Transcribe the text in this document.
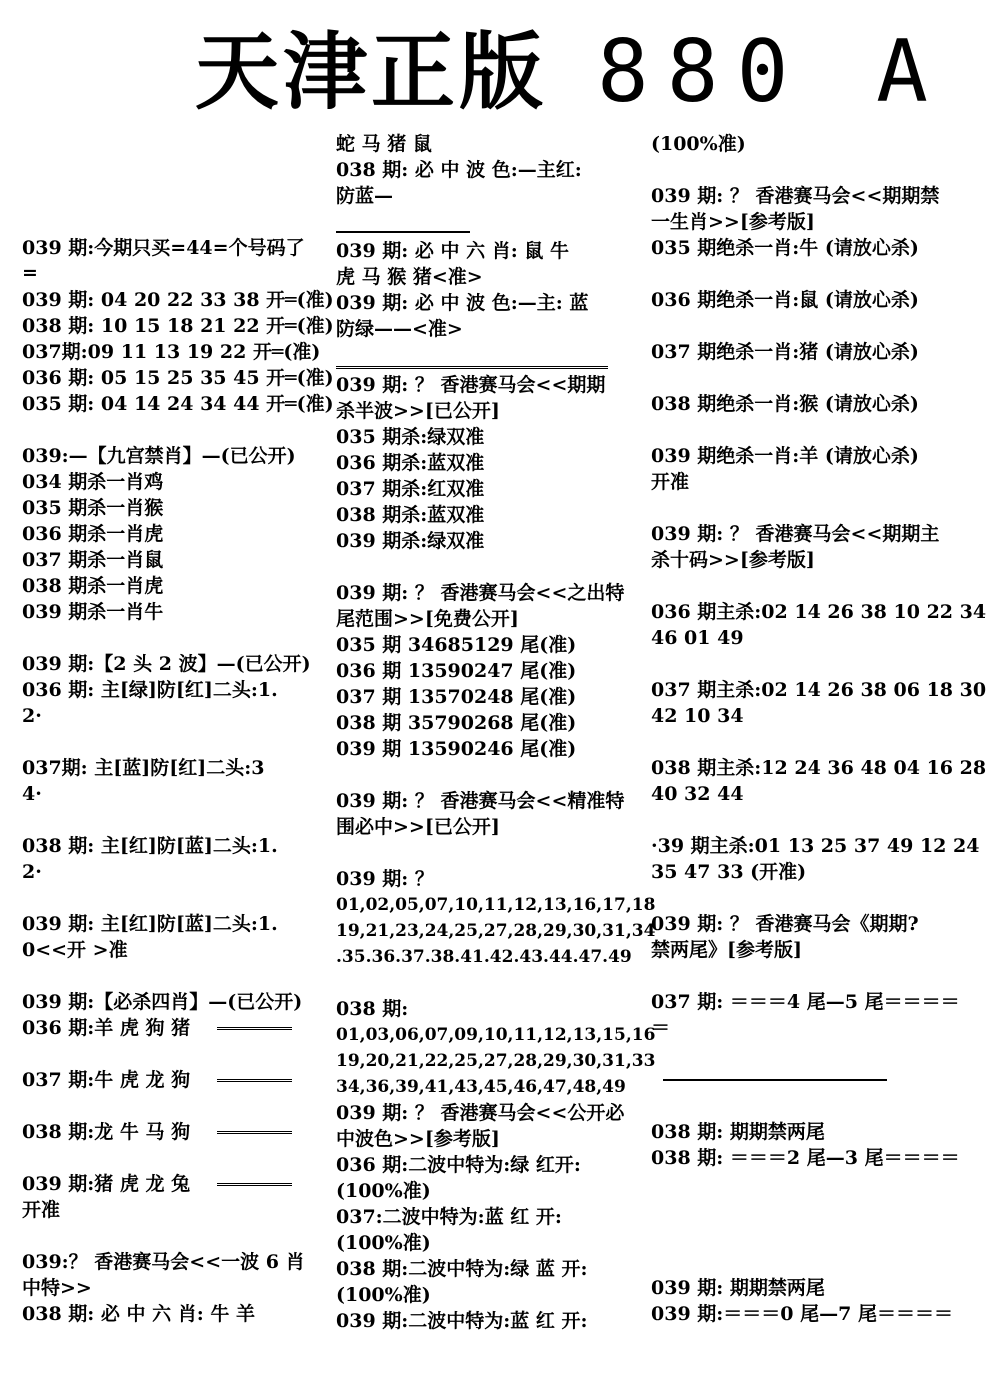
天津正版 880 A
039 期:今期只买=44=个号码了
=
039 期: 04 20 22 33 38 开═(准)
038 期: 10 15 18 21 22 开═(准)
037期:09 11 13 19 22 开═(准)
036 期: 05 15 25 35 45 开═(准)
035 期: 04 14 24 34 44 开═(准)
039:—【九宫禁肖】—(已公开)
034 期杀一肖鸡
035 期杀一肖猴
036 期杀一肖虎
037 期杀一肖鼠
038 期杀一肖虎
039 期杀一肖牛
039 期:【2 头 2 波】—(已公开)
036 期: 主[绿]防[红]二头:1.
2·
037期: 主[蓝]防[红]二头:3
4·
038 期: 主[红]防[蓝]二头:1.
2·
039 期: 主[红]防[蓝]二头:1.
0<<开 >准
039 期:【必杀四肖】—(已公开)
036 期:羊 虎 狗 猪
037 期:牛 虎 龙 狗
038 期:龙 牛 马 狗
039 期:猪 虎 龙 兔
开准
039:？ 香港赛马会<<一波 6 肖
中特>>
038 期: 必 中 六 肖: 牛 羊
蛇 马 猪 鼠
038 期: 必 中 波 色:—主红:
防蓝—
039 期: 必 中 六 肖: 鼠 牛
虎 马 猴 猪<准>
039 期: 必 中 波 色:—主: 蓝
防绿——<准>
039 期: ？ 香港赛马会<<期期
杀半波>>[已公开]
035 期杀:绿双准
036 期杀:蓝双准
037 期杀:红双准
038 期杀:蓝双准
039 期杀:绿双准
039 期: ？ 香港赛马会<<之出特
尾范围>>[免费公开]
035 期 34685129 尾(准)
036 期 13590247 尾(准)
037 期 13570248 尾(准)
038 期 35790268 尾(准)
039 期 13590246 尾(准)
039 期: ？ 香港赛马会<<精准特
围必中>>[已公开]
039 期: ？
01,02,05,07,10,11,12,13,16,17,18
19,21,23,24,25,27,28,29,30,31,34
.35.36.37.38.41.42.43.44.47.49
038 期:
01,03,06,07,09,10,11,12,13,15,16
19,20,21,22,25,27,28,29,30,31,33
34,36,39,41,43,45,46,47,48,49
039 期: ？ 香港赛马会<<公开必
中波色>>[参考版]
036 期:二波中特为:绿 红开:
(100%准)
037:二波中特为:蓝 红 开:
(100%准)
038 期:二波中特为:绿 蓝 开:
(100%准)
039 期:二波中特为:蓝 红 开:
(100%准)
039 期: ？ 香港赛马会<<期期禁
一生肖>>[参考版]
035 期绝杀一肖:牛 (请放心杀)
036 期绝杀一肖:鼠 (请放心杀)
037 期绝杀一肖:猪 (请放心杀)
038 期绝杀一肖:猴 (请放心杀)
039 期绝杀一肖:羊 (请放心杀)
开准
039 期: ？ 香港赛马会<<期期主
杀十码>>[参考版]
036 期主杀:02 14 26 38 10 22 34
46 01 49
037 期主杀:02 14 26 38 06 18 30
42 10 34
038 期主杀:12 24 36 48 04 16 28
40 32 44
·39 期主杀:01 13 25 37 49 12 24
35 47 33 (开准)
039 期: ？ 香港赛马会《期期?
禁两尾》[参考版]
037 期: ＝＝＝4 尾—5 尾＝＝＝＝
＝
038 期: 期期禁两尾
038 期: ＝＝＝2 尾—3 尾＝＝＝＝
039 期: 期期禁两尾
039 期:＝＝＝0 尾—7 尾＝＝＝＝
